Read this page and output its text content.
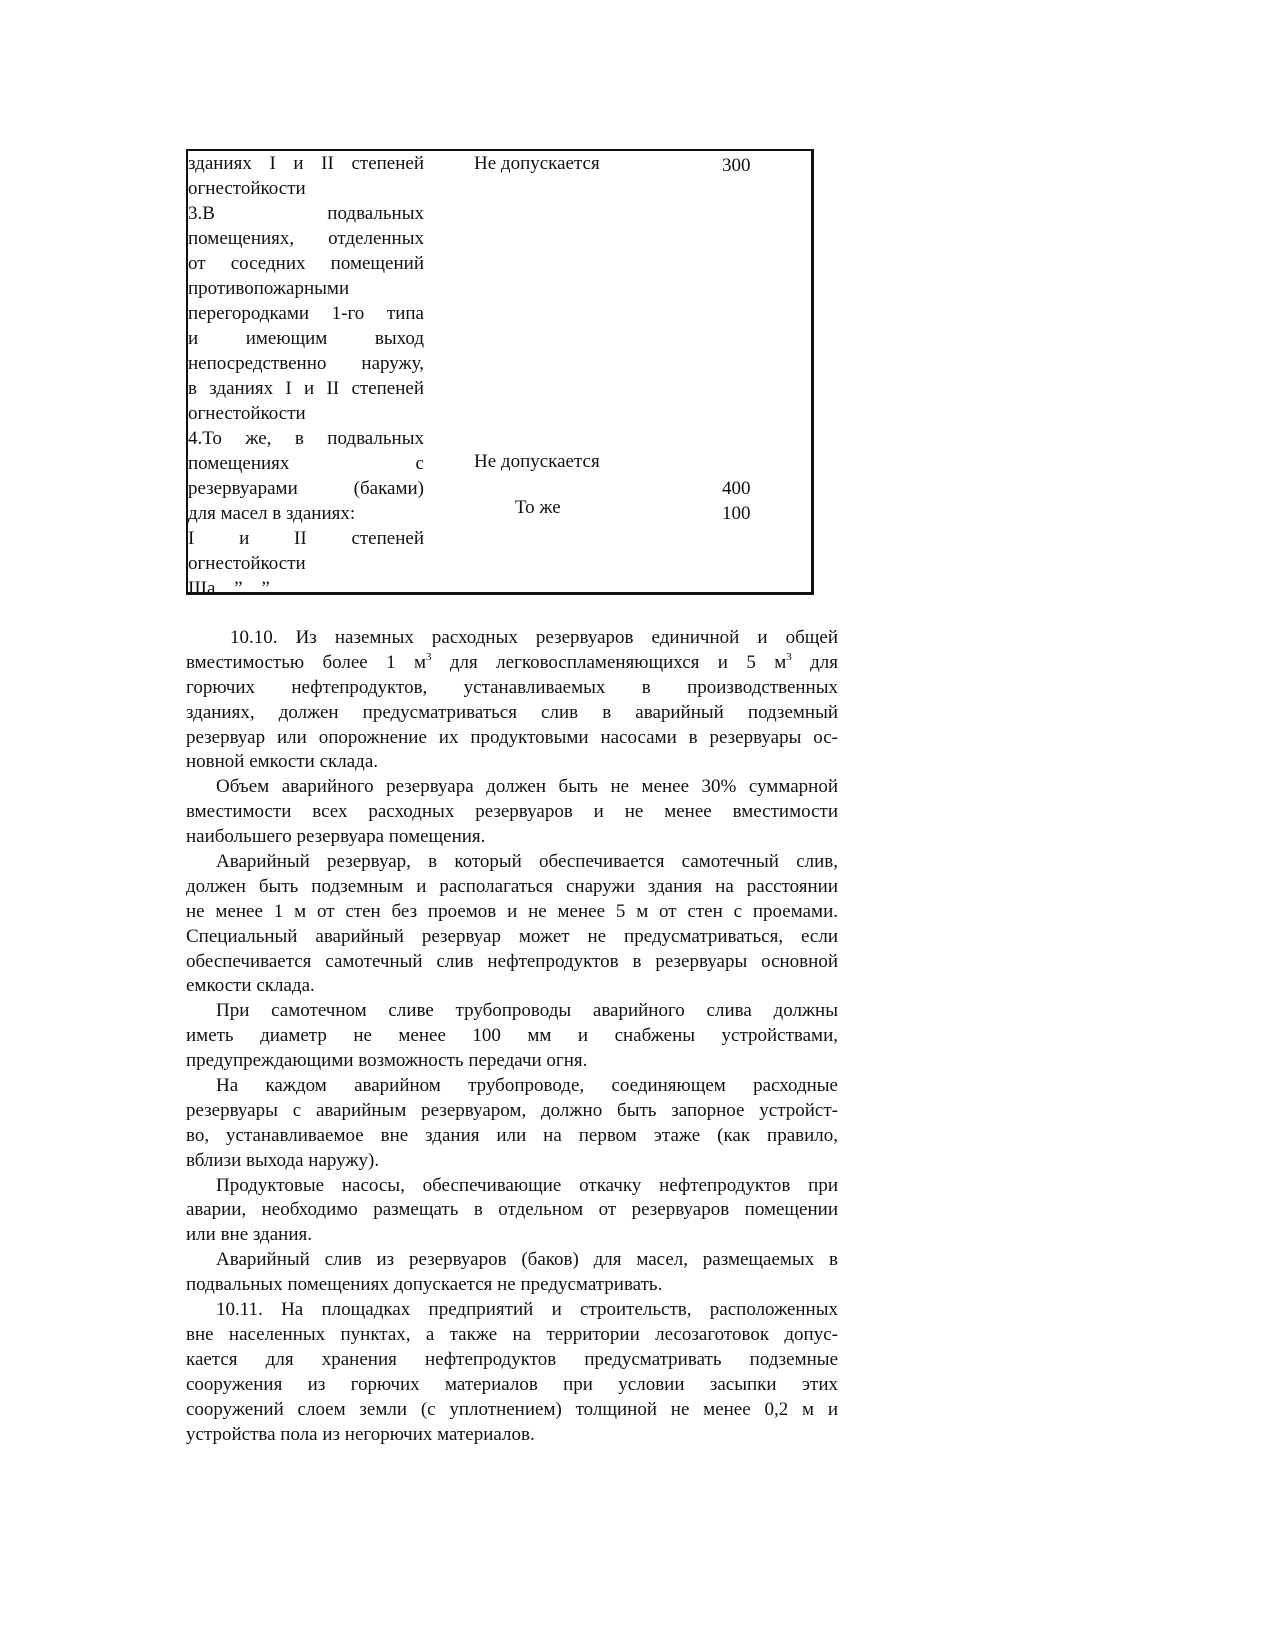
зданиях I и II степеней
огнестойкости
3.В подвальных
помещениях, отделенных
от соседних помещений
противопожарными
перегородками 1-го типа
и имеющим выход
непосредственно наружу,
в зданиях I и II степеней
огнестойкости
4.То же, в подвальных
помещениях с
резервуарами (баками)
для масел в зданиях:
I и II степеней
огнестойкости
IIIа ” ”
Не допускается	300
Не допускается
400
То же	100
10.10. Из наземных расходных резервуаров единичной и общей
вместимостью более 1 $м^3$ для легковоспламеняющихся и 5 $м^3$ для
горючих нефтепродуктов, устанавливаемых в производственных
зданиях, должен предусматриваться слив в аварийный подземный
резервуар или опорожнение их продуктовыми насосами в резервуары ос-
новной емкости склада.
Объем аварийного резервуара должен быть не менее 30% суммарной
вместимости всех расходных резервуаров и не менее вместимости
наибольшего резервуара помещения.
Аварийный резервуар, в который обеспечивается самотечный слив,
должен быть подземным и располагаться снаружи здания на расстоянии
не менее 1 м от стен без проемов и не менее 5 м от стен с проемами.
Специальный аварийный резервуар может не предусматриваться, если
обеспечивается самотечный слив нефтепродуктов в резервуары основной
емкости склада.
При самотечном сливе трубопроводы аварийного слива должны
иметь диаметр не менее 100 мм и снабжены устройствами,
предупреждающими возможность передачи огня.
На каждом аварийном трубопроводе, соединяющем расходные
резервуары с аварийным резервуаром, должно быть запорное устройст-
во, устанавливаемое вне здания или на первом этаже (как правило,
вблизи выхода наружу).
Продуктовые насосы, обеспечивающие откачку нефтепродуктов при
аварии, необходимо размещать в отдельном от резервуаров помещении
или вне здания.
Аварийный слив из резервуаров (баков) для масел, размещаемых в
подвальных помещениях допускается не предусматривать.
10.11. На площадках предприятий и строительств, расположенных
вне населенных пунктах, а также на территории лесозаготовок допус-
кается для хранения нефтепродуктов предусматривать подземные
сооружения из горючих материалов при условии засыпки этих
сооружений слоем земли (с уплотнением) толщиной не менее 0,2 м и
устройства пола из негорючих материалов.
